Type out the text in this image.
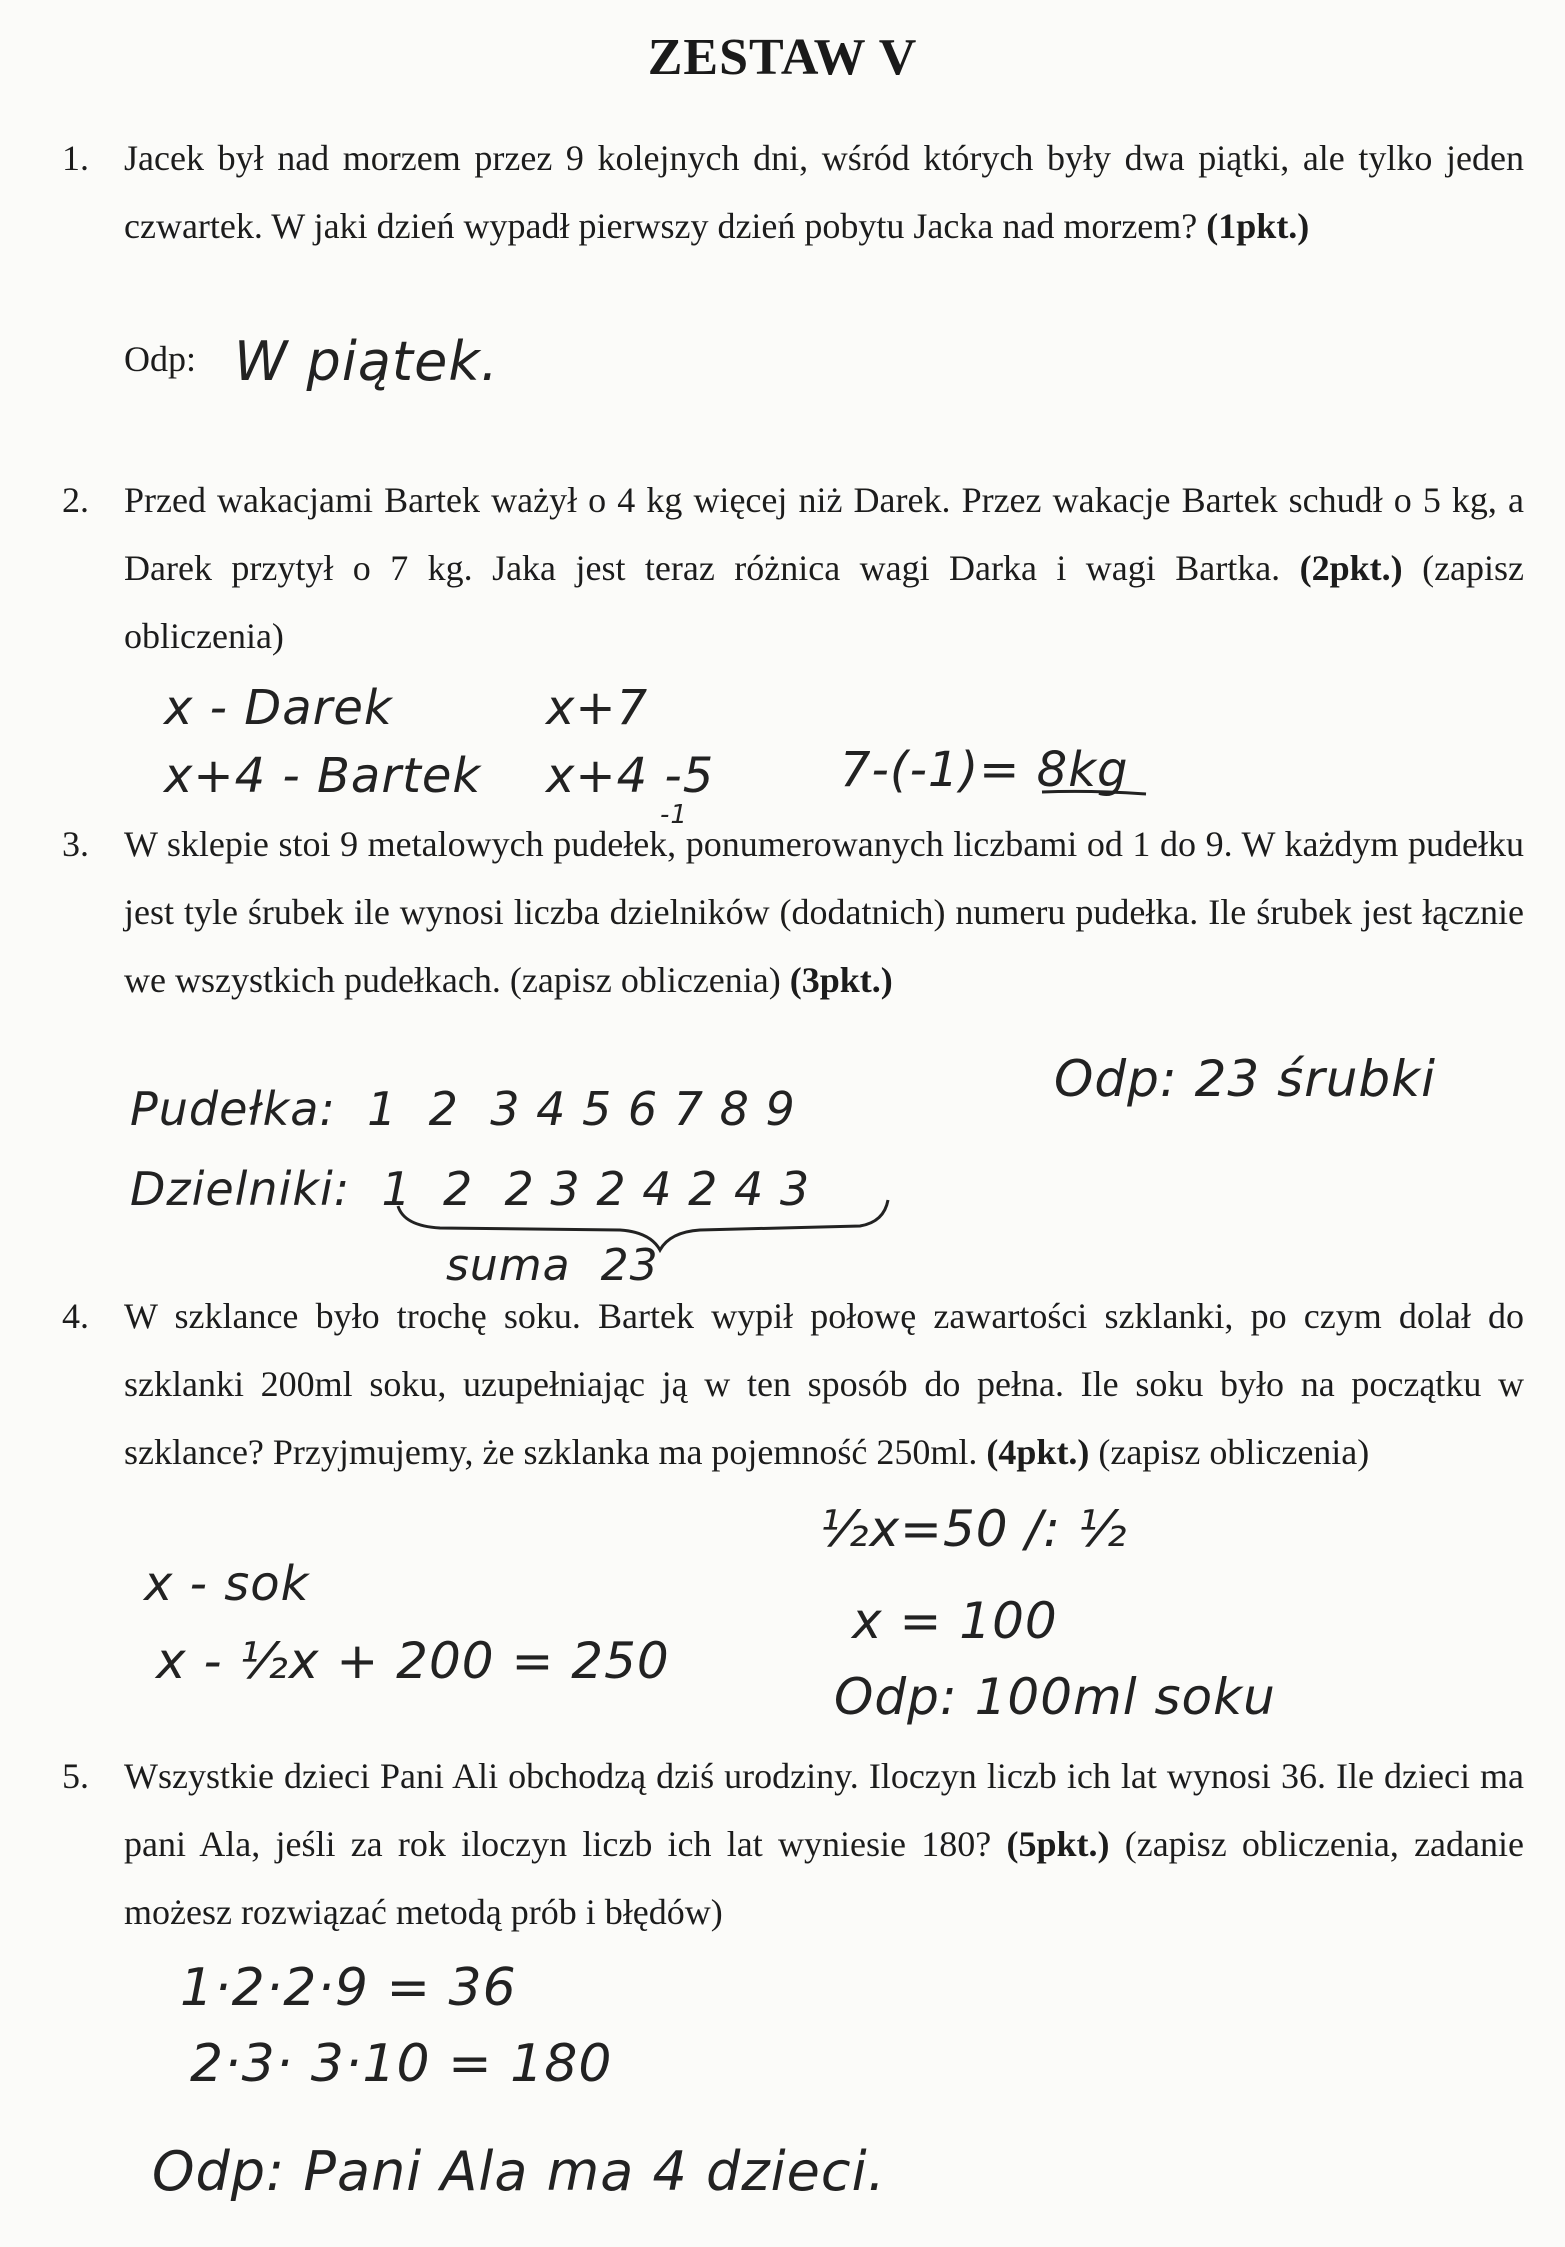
ZESTAW V
1. Jacek był nad morzem przez 9 kolejnych dni, wśród których były dwa piątki, ale tylko jeden czwartek. W jaki dzień wypadł pierwszy dzień pobytu Jacka nad morzem? (1pkt.)
Odp: W piątek.
2. Przed wakacjami Bartek ważył o 4 kg więcej niż Darek. Przez wakacje Bartek schudł o 5 kg, a Darek przytył o 7 kg. Jaka jest teraz różnica wagi Darka i wagi Bartka. (2pkt.) (zapisz obliczenia)
x - Darek
x+4 - Bartek
x+7
x+4 -5
-1
7-(-1)= 8kg
3. W sklepie stoi 9 metalowych pudełek, ponumerowanych liczbami od 1 do 9. W każdym pudełku jest tyle śrubek ile wynosi liczba dzielników (dodatnich) numeru pudełka. Ile śrubek jest łącznie we wszystkich pudełkach. (zapisz obliczenia) (3pkt.)
Odp: 23 śrubki
Pudełka:  1  2  3 4 5 6 7 8 9
Dzielniki:  1  2  2 3 2 4 2 4 3
suma  23
4. W szklance było trochę soku. Bartek wypił połowę zawartości szklanki, po czym dolał do szklanki 200ml soku, uzupełniając ją w ten sposób do pełna. Ile soku było na początku w szklance? Przyjmujemy, że szklanka ma pojemność 250ml. (4pkt.) (zapisz obliczenia)
x - sok
x - ½x + 200 = 250
½x=50 /: ½
x = 100
Odp: 100ml soku
5. Wszystkie dzieci Pani Ali obchodzą dziś urodziny. Iloczyn liczb ich lat wynosi 36. Ile dzieci ma pani Ala, jeśli za rok iloczyn liczb ich lat wyniesie 180? (5pkt.) (zapisz obliczenia, zadanie możesz rozwiązać metodą prób i błędów)
1·2·2·9 = 36
2·3· 3·10 = 180
Odp: Pani Ala ma 4 dzieci.
